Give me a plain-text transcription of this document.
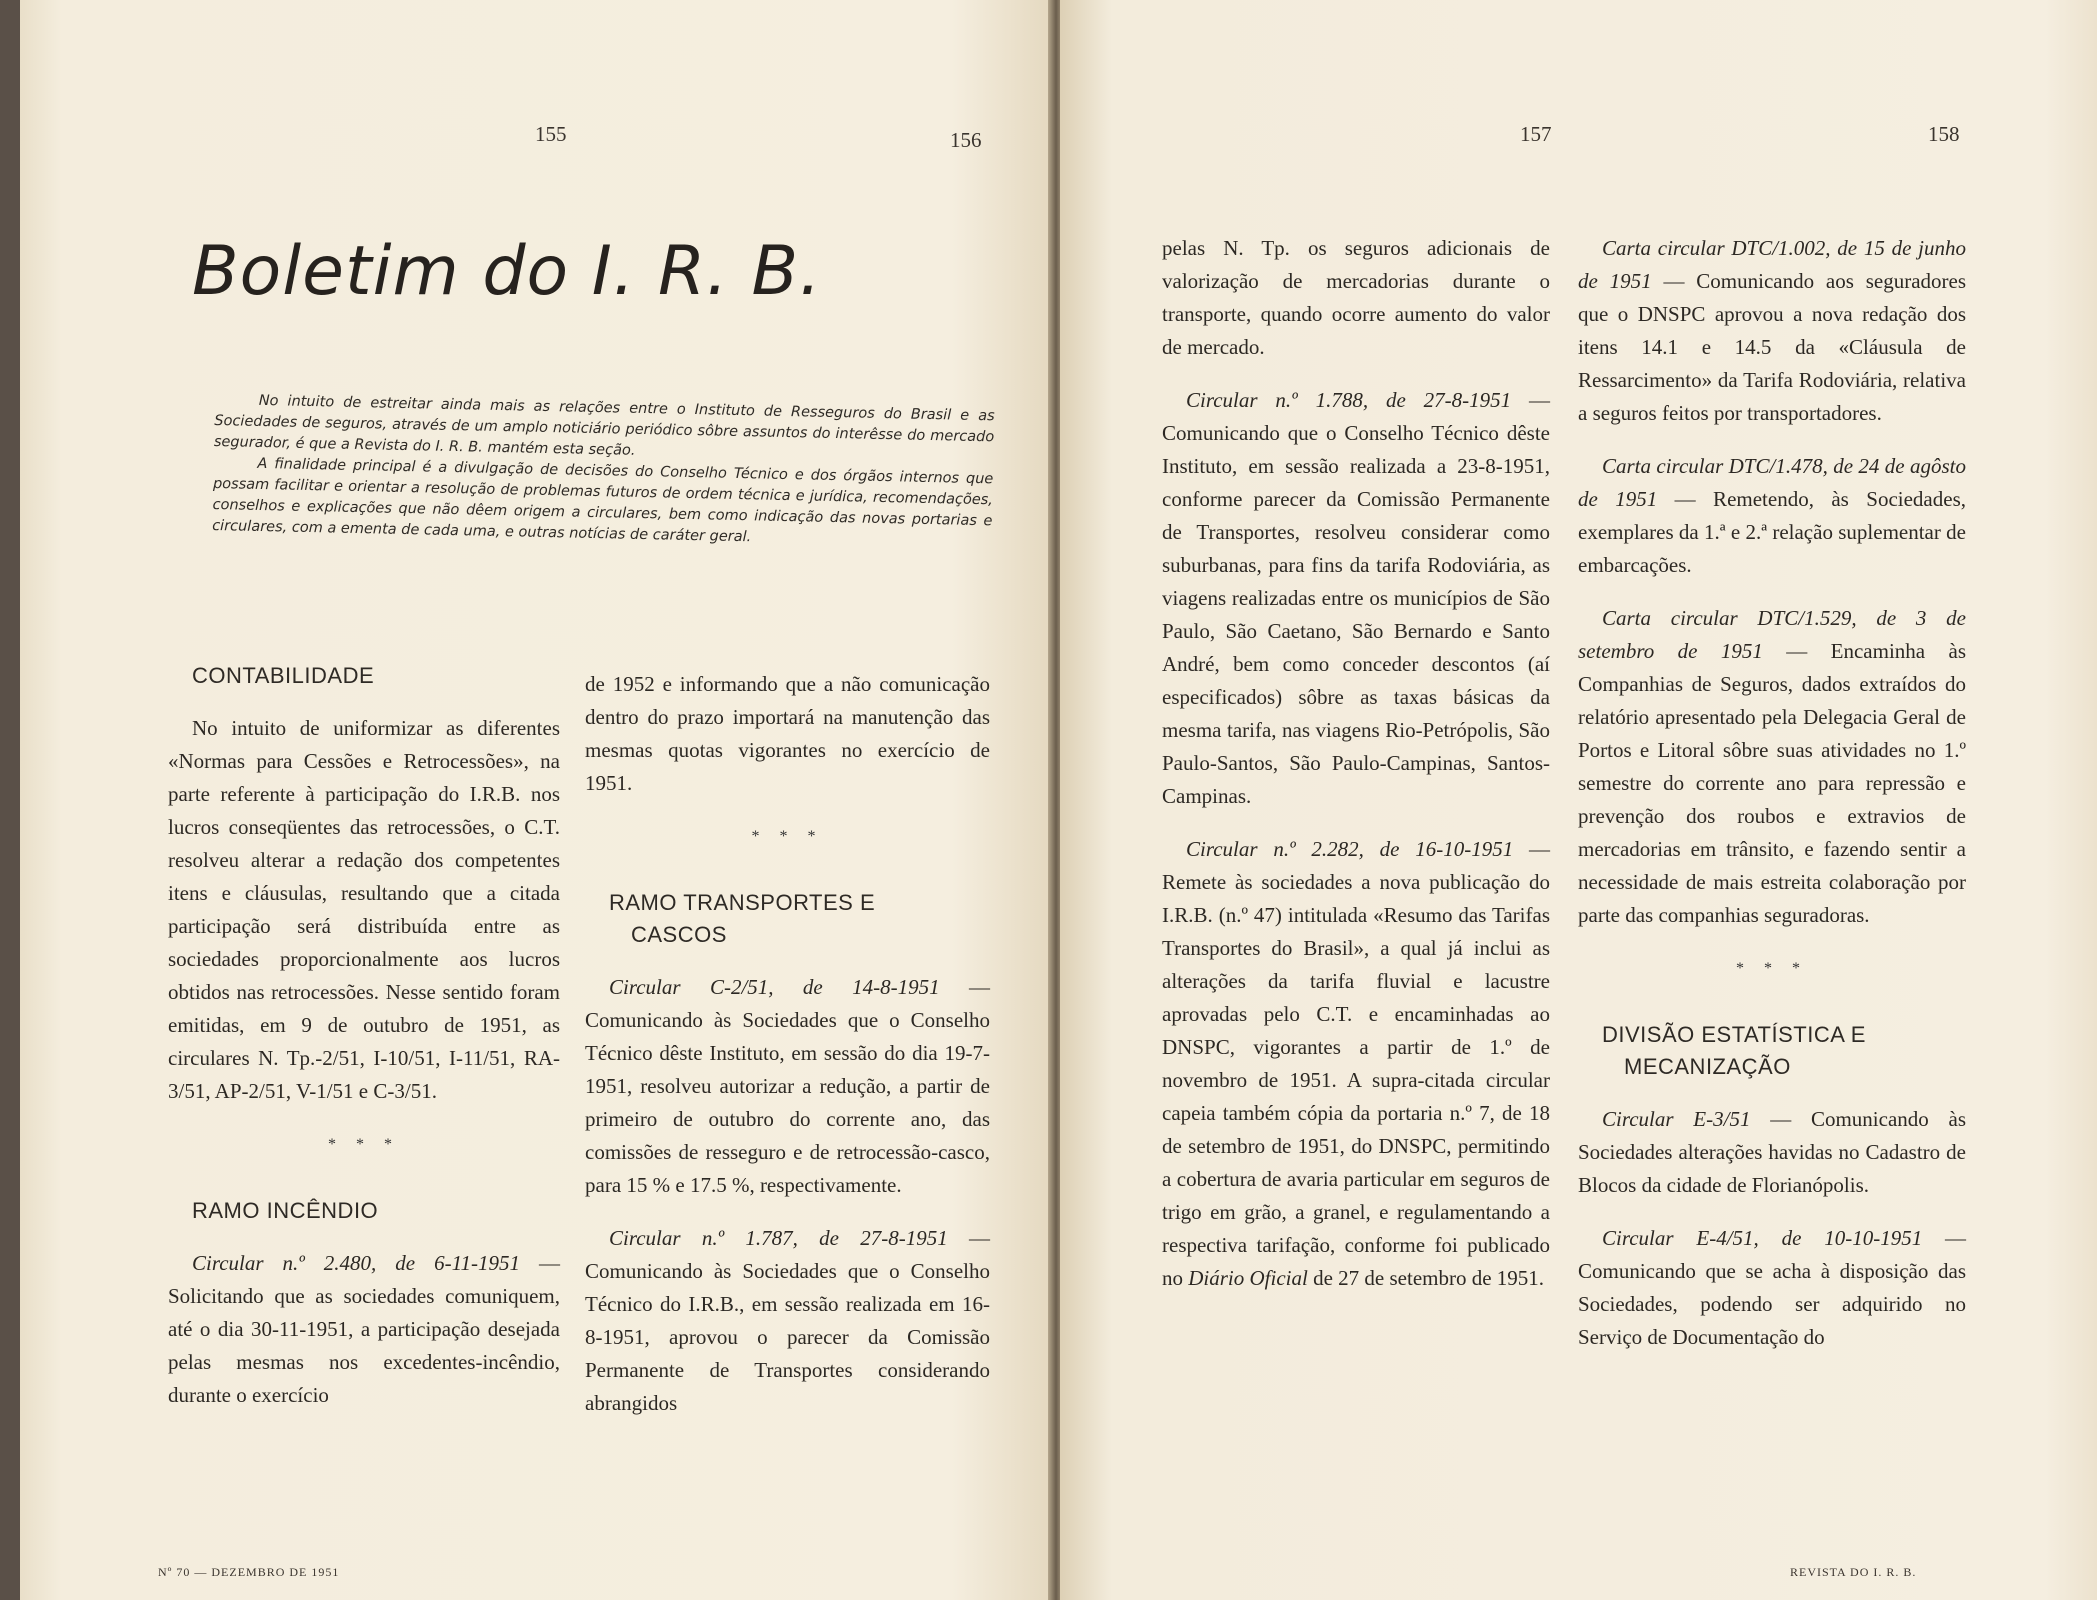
155	156
Boletim do I. R. B.

No intuito de estreitar ainda mais as relações entre o Instituto de Resseguros do Brasil e as Sociedades de seguros, através de um amplo noticiário periódico sôbre assuntos do interêsse do mercado segurador, é que a Revista do I. R. B. mantém esta seção.

A finalidade principal é a divulgação de decisões do Conselho Técnico e dos órgãos internos que possam facilitar e orientar a resolução de problemas futuros de ordem técnica e jurídica, recomendações, conselhos e explicações que não dêem origem a circulares, bem como indicação das novas portarias e circulares, com a ementa de cada uma, e outras notícias de caráter geral.

CONTABILIDADE

No intuito de uniformizar as diferentes «Normas para Cessões e Retrocessões», na parte referente à participação do I.R.B. nos lucros conseqüentes das retrocessões, o C.T. resolveu alterar a redação dos competentes itens e cláusulas, resultando que a citada participação será distribuída entre as sociedades proporcionalmente aos lucros obtidos nas retrocessões. Nesse sentido foram emitidas, em 9 de outubro de 1951, as circulares N. Tp.-2/51, I-10/51, I-11/51, RA-3/51, AP-2/51, V-1/51 e C-3/51.

* * *

RAMO INCÊNDIO

Circular n.º 2.480, de 6-11-1951 — Solicitando que as sociedades comuniquem, até o dia 30-11-1951, a participação desejada pelas mesmas nos excedentes-incêndio, durante o exercício

de 1952 e informando que a não comunicação dentro do prazo importará na manutenção das mesmas quotas vigorantes no exercício de 1951.

* * *

RAMO TRANSPORTES E
CASCOS

Circular C-2/51, de 14-8-1951 — Comunicando às Sociedades que o Conselho Técnico dêste Instituto, em sessão do dia 19-7-1951, resolveu autorizar a redução, a partir de primeiro de outubro do corrente ano, das comissões de resseguro e de retrocessão-casco, para 15 % e 17.5 %, respectivamente.

Circular n.º 1.787, de 27-8-1951 — Comunicando às Sociedades que o Conselho Técnico do I.R.B., em sessão realizada em 16-8-1951, aprovou o parecer da Comissão Permanente de Transportes considerando abrangidos

Nº 70 — DEZEMBRO DE 1951
157	158

pelas N. Tp. os seguros adicionais de valorização de mercadorias durante o transporte, quando ocorre aumento do valor de mercado.

Circular n.º 1.788, de 27-8-1951 — Comunicando que o Conselho Técnico dêste Instituto, em sessão realizada a 23-8-1951, conforme parecer da Comissão Permanente de Transportes, resolveu considerar como suburbanas, para fins da tarifa Rodoviária, as viagens realizadas entre os municípios de São Paulo, São Caetano, São Bernardo e Santo André, bem como conceder descontos (aí especificados) sôbre as taxas básicas da mesma tarifa, nas viagens Rio-Petrópolis, São Paulo-Santos, São Paulo-Campinas, Santos-Campinas.

Circular n.º 2.282, de 16-10-1951 — Remete às sociedades a nova publicação do I.R.B. (n.º 47) intitulada «Resumo das Tarifas Transportes do Brasil», a qual já inclui as alterações da tarifa fluvial e lacustre aprovadas pelo C.T. e encaminhadas ao DNSPC, vigorantes a partir de 1.º de novembro de 1951. A supra-citada circular capeia também cópia da portaria n.º 7, de 18 de setembro de 1951, do DNSPC, permitindo a cobertura de avaria particular em seguros de trigo em grão, a granel, e regulamentando a respectiva tarifação, conforme foi publicado no Diário Oficial de 27 de setembro de 1951.

Carta circular DTC/1.002, de 15 de junho de 1951 — Comunicando aos seguradores que o DNSPC aprovou a nova redação dos itens 14.1 e 14.5 da «Cláusula de Ressarcimento» da Tarifa Rodoviária, relativa a seguros feitos por transportadores.

Carta circular DTC/1.478, de 24 de agôsto de 1951 — Remetendo, às Sociedades, exemplares da 1.ª e 2.ª relação suplementar de embarcações.

Carta circular DTC/1.529, de 3 de setembro de 1951 — Encaminha às Companhias de Seguros, dados extraídos do relatório apresentado pela Delegacia Geral de Portos e Litoral sôbre suas atividades no 1.º semestre do corrente ano para repressão e prevenção dos roubos e extravios de mercadorias em trânsito, e fazendo sentir a necessidade de mais estreita colaboração por parte das companhias seguradoras.

* * *

DIVISÃO ESTATÍSTICA E
MECANIZAÇÃO

Circular E-3/51 — Comunicando às Sociedades alterações havidas no Cadastro de Blocos da cidade de Florianópolis.

Circular E-4/51, de 10-10-1951 — Comunicando que se acha à disposição das Sociedades, podendo ser adquirido no Serviço de Documentação do

REVISTA DO I. R. B.
